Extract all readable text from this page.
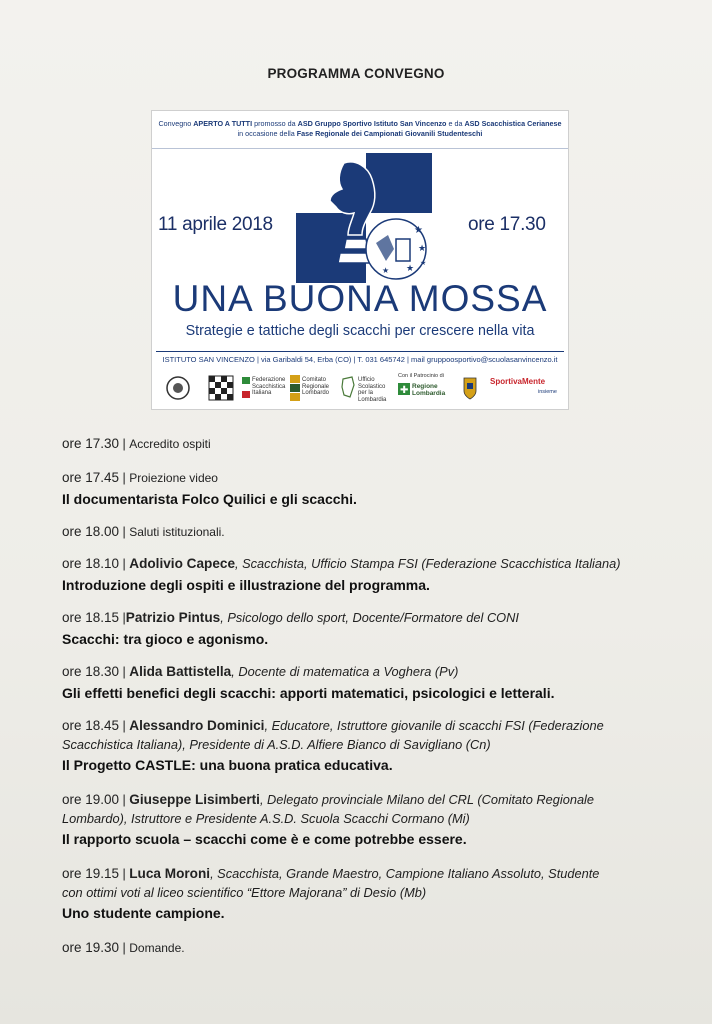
PROGRAMMA CONVEGNO
Convegno APERTO A TUTTI promosso da ASD Gruppo Sportivo Istituto San Vincenzo e da ASD Scacchistica Cerianese
in occasione della Fase Regionale dei Campionati Giovanili Studenteschi
★
★
★
★
★
11 aprile 2018	ore 17.30
UNA BUONA MOSSA
Strategie e tattiche degli scacchi per crescere nella vita
ISTITUTO SAN VINCENZO | via Garibaldi 54, Erba (CO) | T. 031 645742 | mail gruppoosportivo@scuolasanvincenzo.it
Federazione Scacchistica Italiana
Comitato Regionale Lombardo
Ufficio Scolastico per la Lombardia
Con il Patrocinio di
✚ Regione Lombardia
SportivaMente
insieme
ore 17.30 | Accredito ospiti
ore 17.45 | Proiezione video
Il documentarista Folco Quilici e gli scacchi.
ore 18.00 | Saluti istituzionali.
ore 18.10 | Adolivio Capece, Scacchista, Ufficio Stampa FSI (Federazione Scacchistica Italiana)
Introduzione degli ospiti e illustrazione del programma.
ore 18.15 |Patrizio Pintus, Psicologo dello sport, Docente/Formatore del CONI
Scacchi: tra gioco e agonismo.
ore 18.30 | Alida Battistella, Docente di matematica a Voghera (Pv)
Gli effetti benefici degli scacchi: apporti matematici, psicologici e letterali.
ore 18.45 | Alessandro Dominici, Educatore, Istruttore giovanile di scacchi FSI (Federazione
Scacchistica Italiana), Presidente di A.S.D. Alfiere Bianco di Savigliano (Cn)
Il Progetto CASTLE: una buona pratica educativa.
ore 19.00 | Giuseppe Lisimberti, Delegato provinciale Milano del CRL (Comitato Regionale
Lombardo), Istruttore e Presidente A.S.D. Scuola Scacchi Cormano (Mi)
Il rapporto scuola – scacchi come è e come potrebbe essere.
ore 19.15 | Luca Moroni, Scacchista, Grande Maestro, Campione Italiano Assoluto, Studente
con ottimi voti al liceo scientifico “Ettore Majorana” di Desio (Mb)
Uno studente campione.
ore 19.30 | Domande.
